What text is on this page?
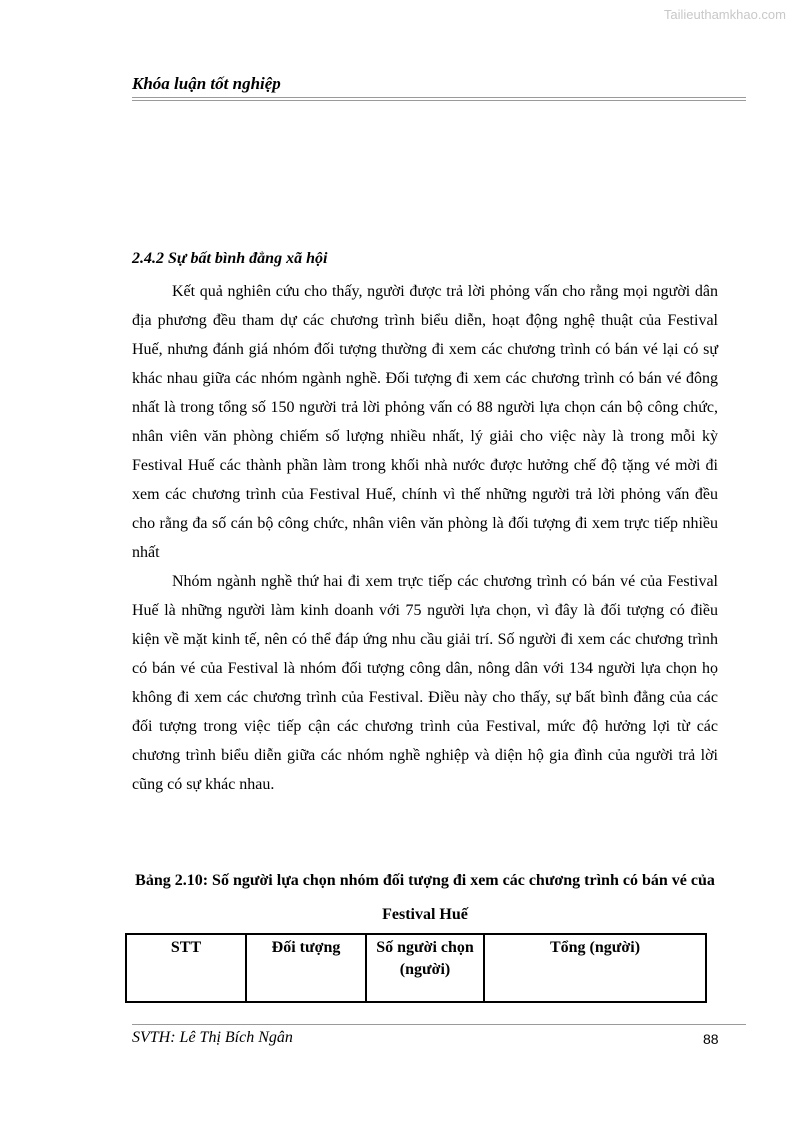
Tailieuthamkhao.com
Khóa luận tốt nghiệp
2.4.2 Sự bất bình đẳng xã hội

Kết quả nghiên cứu cho thấy, người được trả lời phỏng vấn cho rằng mọi người dân địa phương đều tham dự các chương trình biểu diễn, hoạt động nghệ thuật của Festival Huế, nhưng đánh giá nhóm đối tượng thường đi xem các chương trình có bán vé lại có sự khác nhau giữa các nhóm ngành nghề. Đối tượng đi xem các chương trình có bán vé đông nhất là trong tổng số 150 người trả lời phỏng vấn có 88 người lựa chọn cán bộ công chức, nhân viên văn phòng chiếm số lượng nhiều nhất, lý giải cho việc này là trong mỗi kỳ Festival Huế các thành phần làm trong khối nhà nước được hưởng chế độ tặng vé mời đi xem các chương trình của Festival Huế, chính vì thế những người trả lời phỏng vấn đều cho rằng đa số cán bộ công chức, nhân viên văn phòng là đối tượng đi xem trực tiếp nhiều nhất

Nhóm ngành nghề thứ hai đi xem trực tiếp các chương trình có bán vé của Festival Huế là những người làm kinh doanh với 75 người lựa chọn, vì đây là đối tượng có điều kiện về mặt kinh tế, nên có thể đáp ứng nhu cầu giải trí. Số người đi xem các chương trình có bán vé của Festival là nhóm đối tượng công dân, nông dân với 134 người lựa chọn họ không đi xem các chương trình của Festival. Điều này cho thấy, sự bất bình đẳng của các đối tượng trong việc tiếp cận các chương trình của Festival, mức độ hưởng lợi từ các chương trình biểu diễn giữa các nhóm nghề nghiệp và diện hộ gia đình của người trả lời cũng có sự khác nhau.

Bảng 2.10: Số người lựa chọn nhóm đối tượng đi xem các chương trình có bán vé của Festival Huế
STT	Đối tượng	Số người chọn (người)	Tổng (người)
SVTH: Lê Thị Bích Ngân	88
